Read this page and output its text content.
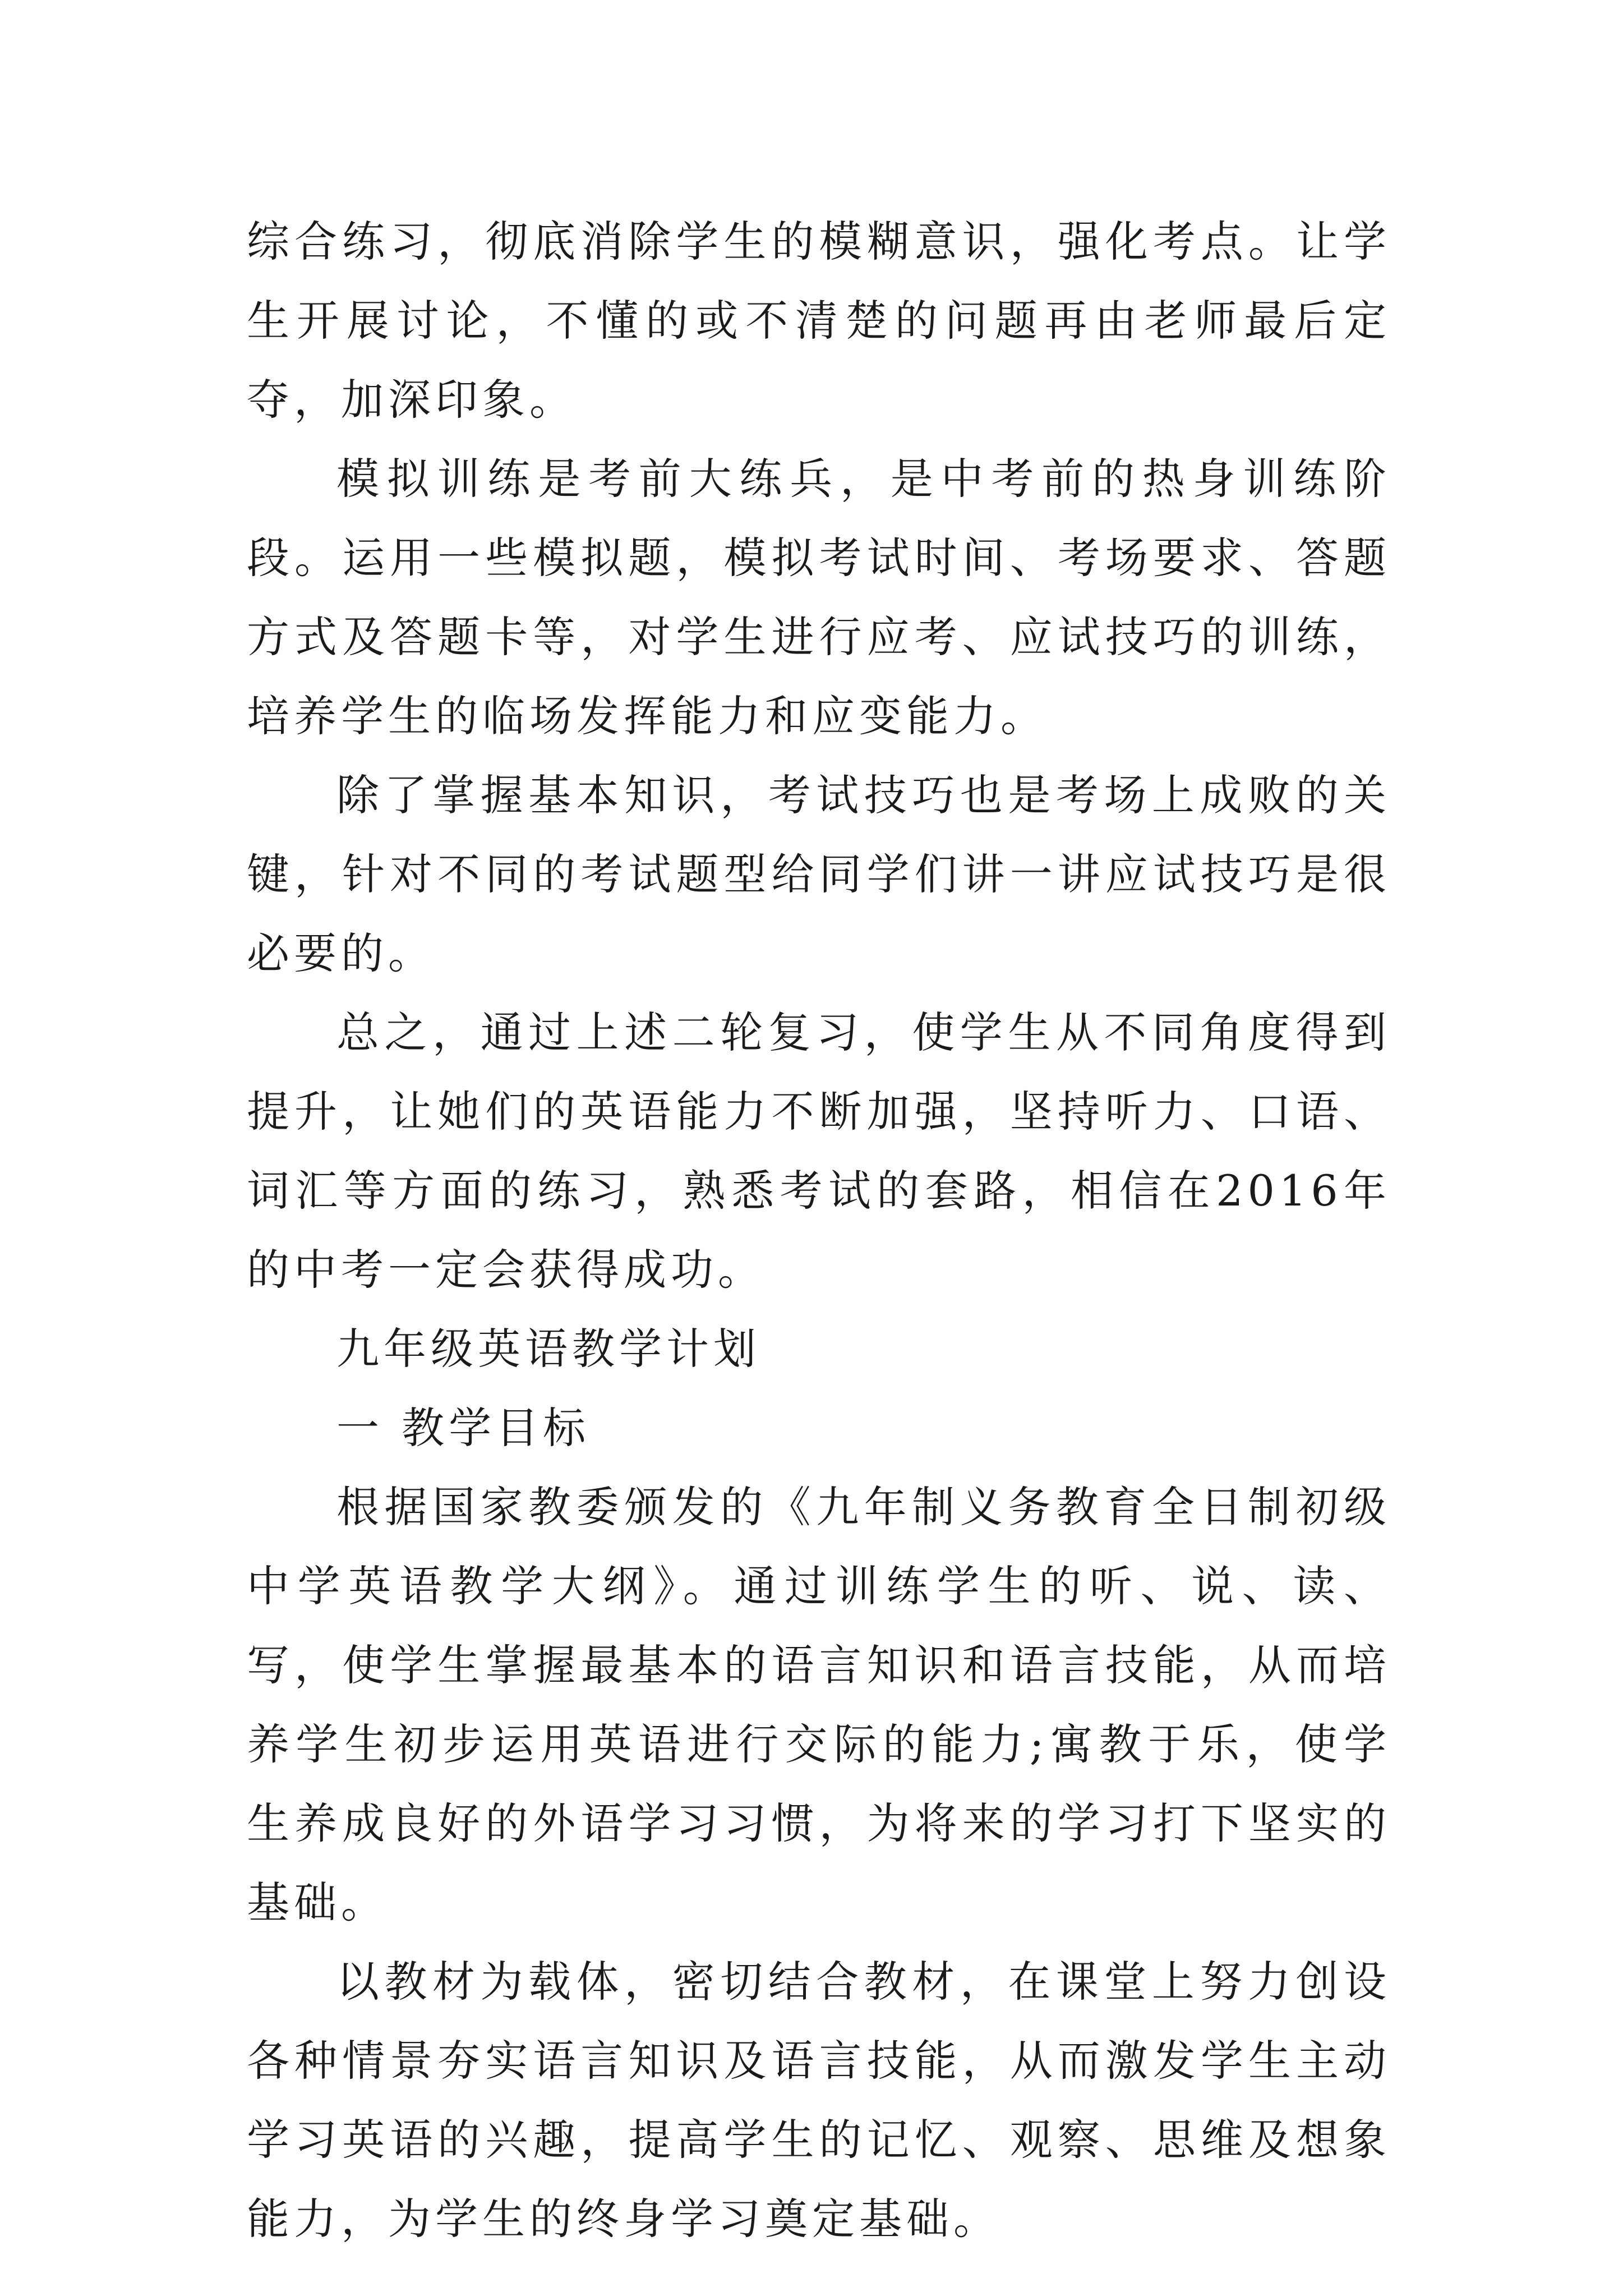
综合练习，彻底消除学生的模糊意识，强化考点。让学生开展讨论，不懂的或不清楚的问题再由老师最后定夺，加深印象。

模拟训练是考前大练兵，是中考前的热身训练阶段。运用一些模拟题，模拟考试时间、考场要求、答题方式及答题卡等，对学生进行应考、应试技巧的训练，培养学生的临场发挥能力和应变能力。

除了掌握基本知识，考试技巧也是考场上成败的关键，针对不同的考试题型给同学们讲一讲应试技巧是很必要的。

总之，通过上述二轮复习，使学生从不同角度得到提升，让她们的英语能力不断加强，坚持听力、口语、词汇等方面的练习，熟悉考试的套路，相信在2016年的中考一定会获得成功。

九年级英语教学计划

一 教学目标

根据国家教委颁发的《九年制义务教育全日制初级中学英语教学大纲》。通过训练学生的听、说、读、写，使学生掌握最基本的语言知识和语言技能，从而培养学生初步运用英语进行交际的能力;寓教于乐，使学生养成良好的外语学习习惯，为将来的学习打下坚实的基础。

以教材为载体，密切结合教材，在课堂上努力创设各种情景夯实语言知识及语言技能，从而激发学生主动学习英语的兴趣，提高学生的记忆、观察、思维及想象能力，为学生的终身学习奠定基础。
